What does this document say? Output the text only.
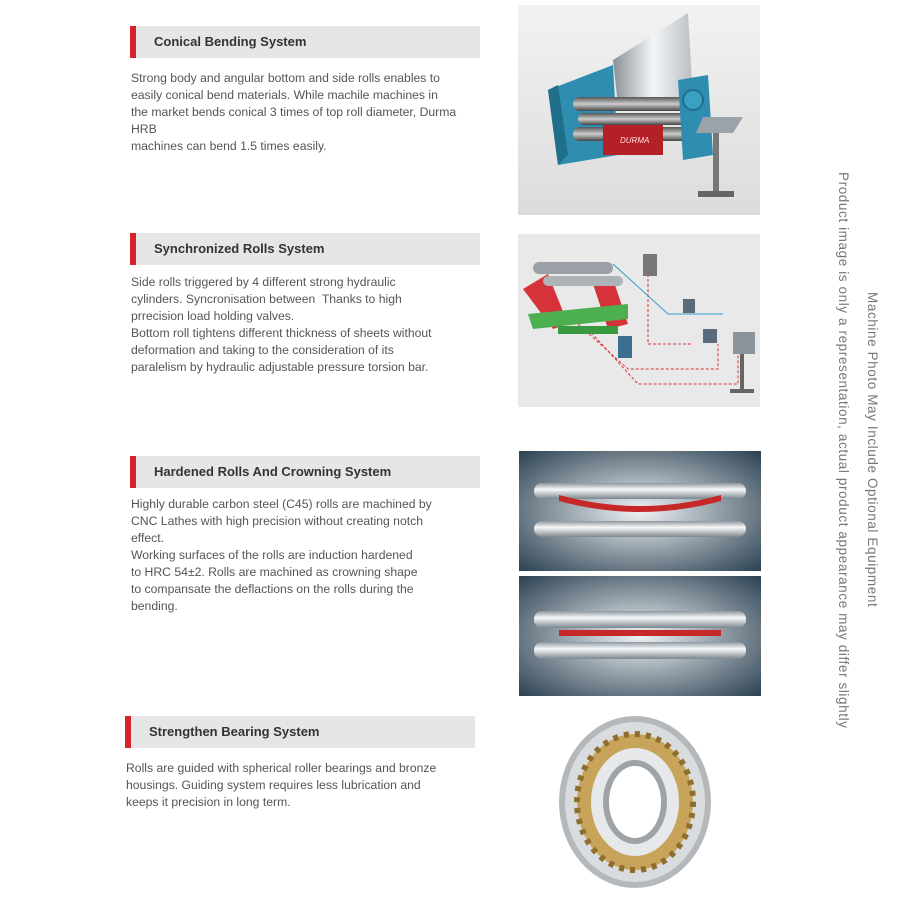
Conical Bending System
Strong body and angular bottom and side rolls enables to
easily conical bend materials. While machile machines in
the market bends conical 3 times of top roll diameter, Durma
HRB
machines can bend 1.5 times easily.
Synchronized Rolls System
Side rolls triggered by 4 different strong hydraulic
cylinders. Syncronisation between  Thanks to high
prrecision load holding valves.
Bottom roll tightens different thickness of sheets without
deformation and taking to the consideration of its
paralelism by hydraulic adjustable pressure torsion bar.
Hardened Rolls And Crowning System
Highly durable carbon steel (C45) rolls are machined by
CNC Lathes with high precision without creating notch
effect.
Working surfaces of the rolls are induction hardened
to HRC 54±2. Rolls are machined as crowning shape
to compansate the deflactions on the rolls during the
bending.
Strengthen Bearing System
Rolls are guided with spherical roller bearings and bronze
housings. Guiding system requires less lubrication and
keeps it precision in long term.
DURMA
Machine Photo May Include Optional Equipment
Product image is only a representation, actual product appearance may differ slightly
